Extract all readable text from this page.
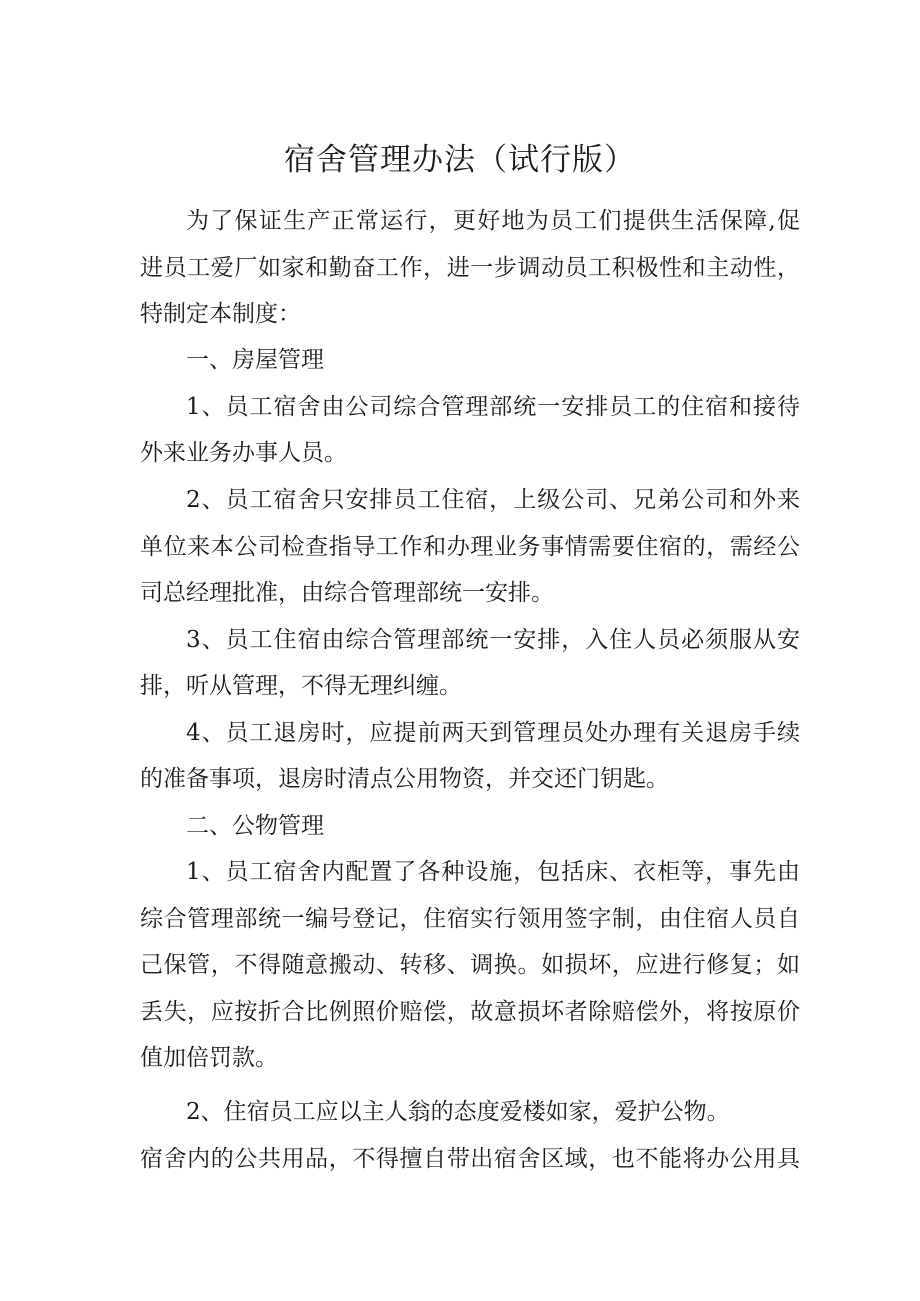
宿舍管理办法（试行版）
为了保证生产正常运行，更好地为员工们提供生活保障,促
进员工爱厂如家和勤奋工作，进一步调动员工积极性和主动性，
特制定本制度：
一、房屋管理
1、员工宿舍由公司综合管理部统一安排员工的住宿和接待
外来业务办事人员。
2、员工宿舍只安排员工住宿，上级公司、兄弟公司和外来
单位来本公司检查指导工作和办理业务事情需要住宿的，需经公
司总经理批准，由综合管理部统一安排。
3、员工住宿由综合管理部统一安排，入住人员必须服从安
排，听从管理，不得无理纠缠。
4、员工退房时，应提前两天到管理员处办理有关退房手续
的准备事项，退房时清点公用物资，并交还门钥匙。
二、公物管理
1、员工宿舍内配置了各种设施，包括床、衣柜等，事先由
综合管理部统一编号登记，住宿实行领用签字制，由住宿人员自
己保管，不得随意搬动、转移、调换。如损坏，应进行修复；如
丢失，应按折合比例照价赔偿，故意损坏者除赔偿外，将按原价
值加倍罚款。
2、住宿员工应以主人翁的态度爱楼如家，爱护公物。
宿舍内的公共用品，不得擅自带出宿舍区域，也不能将办公用具
